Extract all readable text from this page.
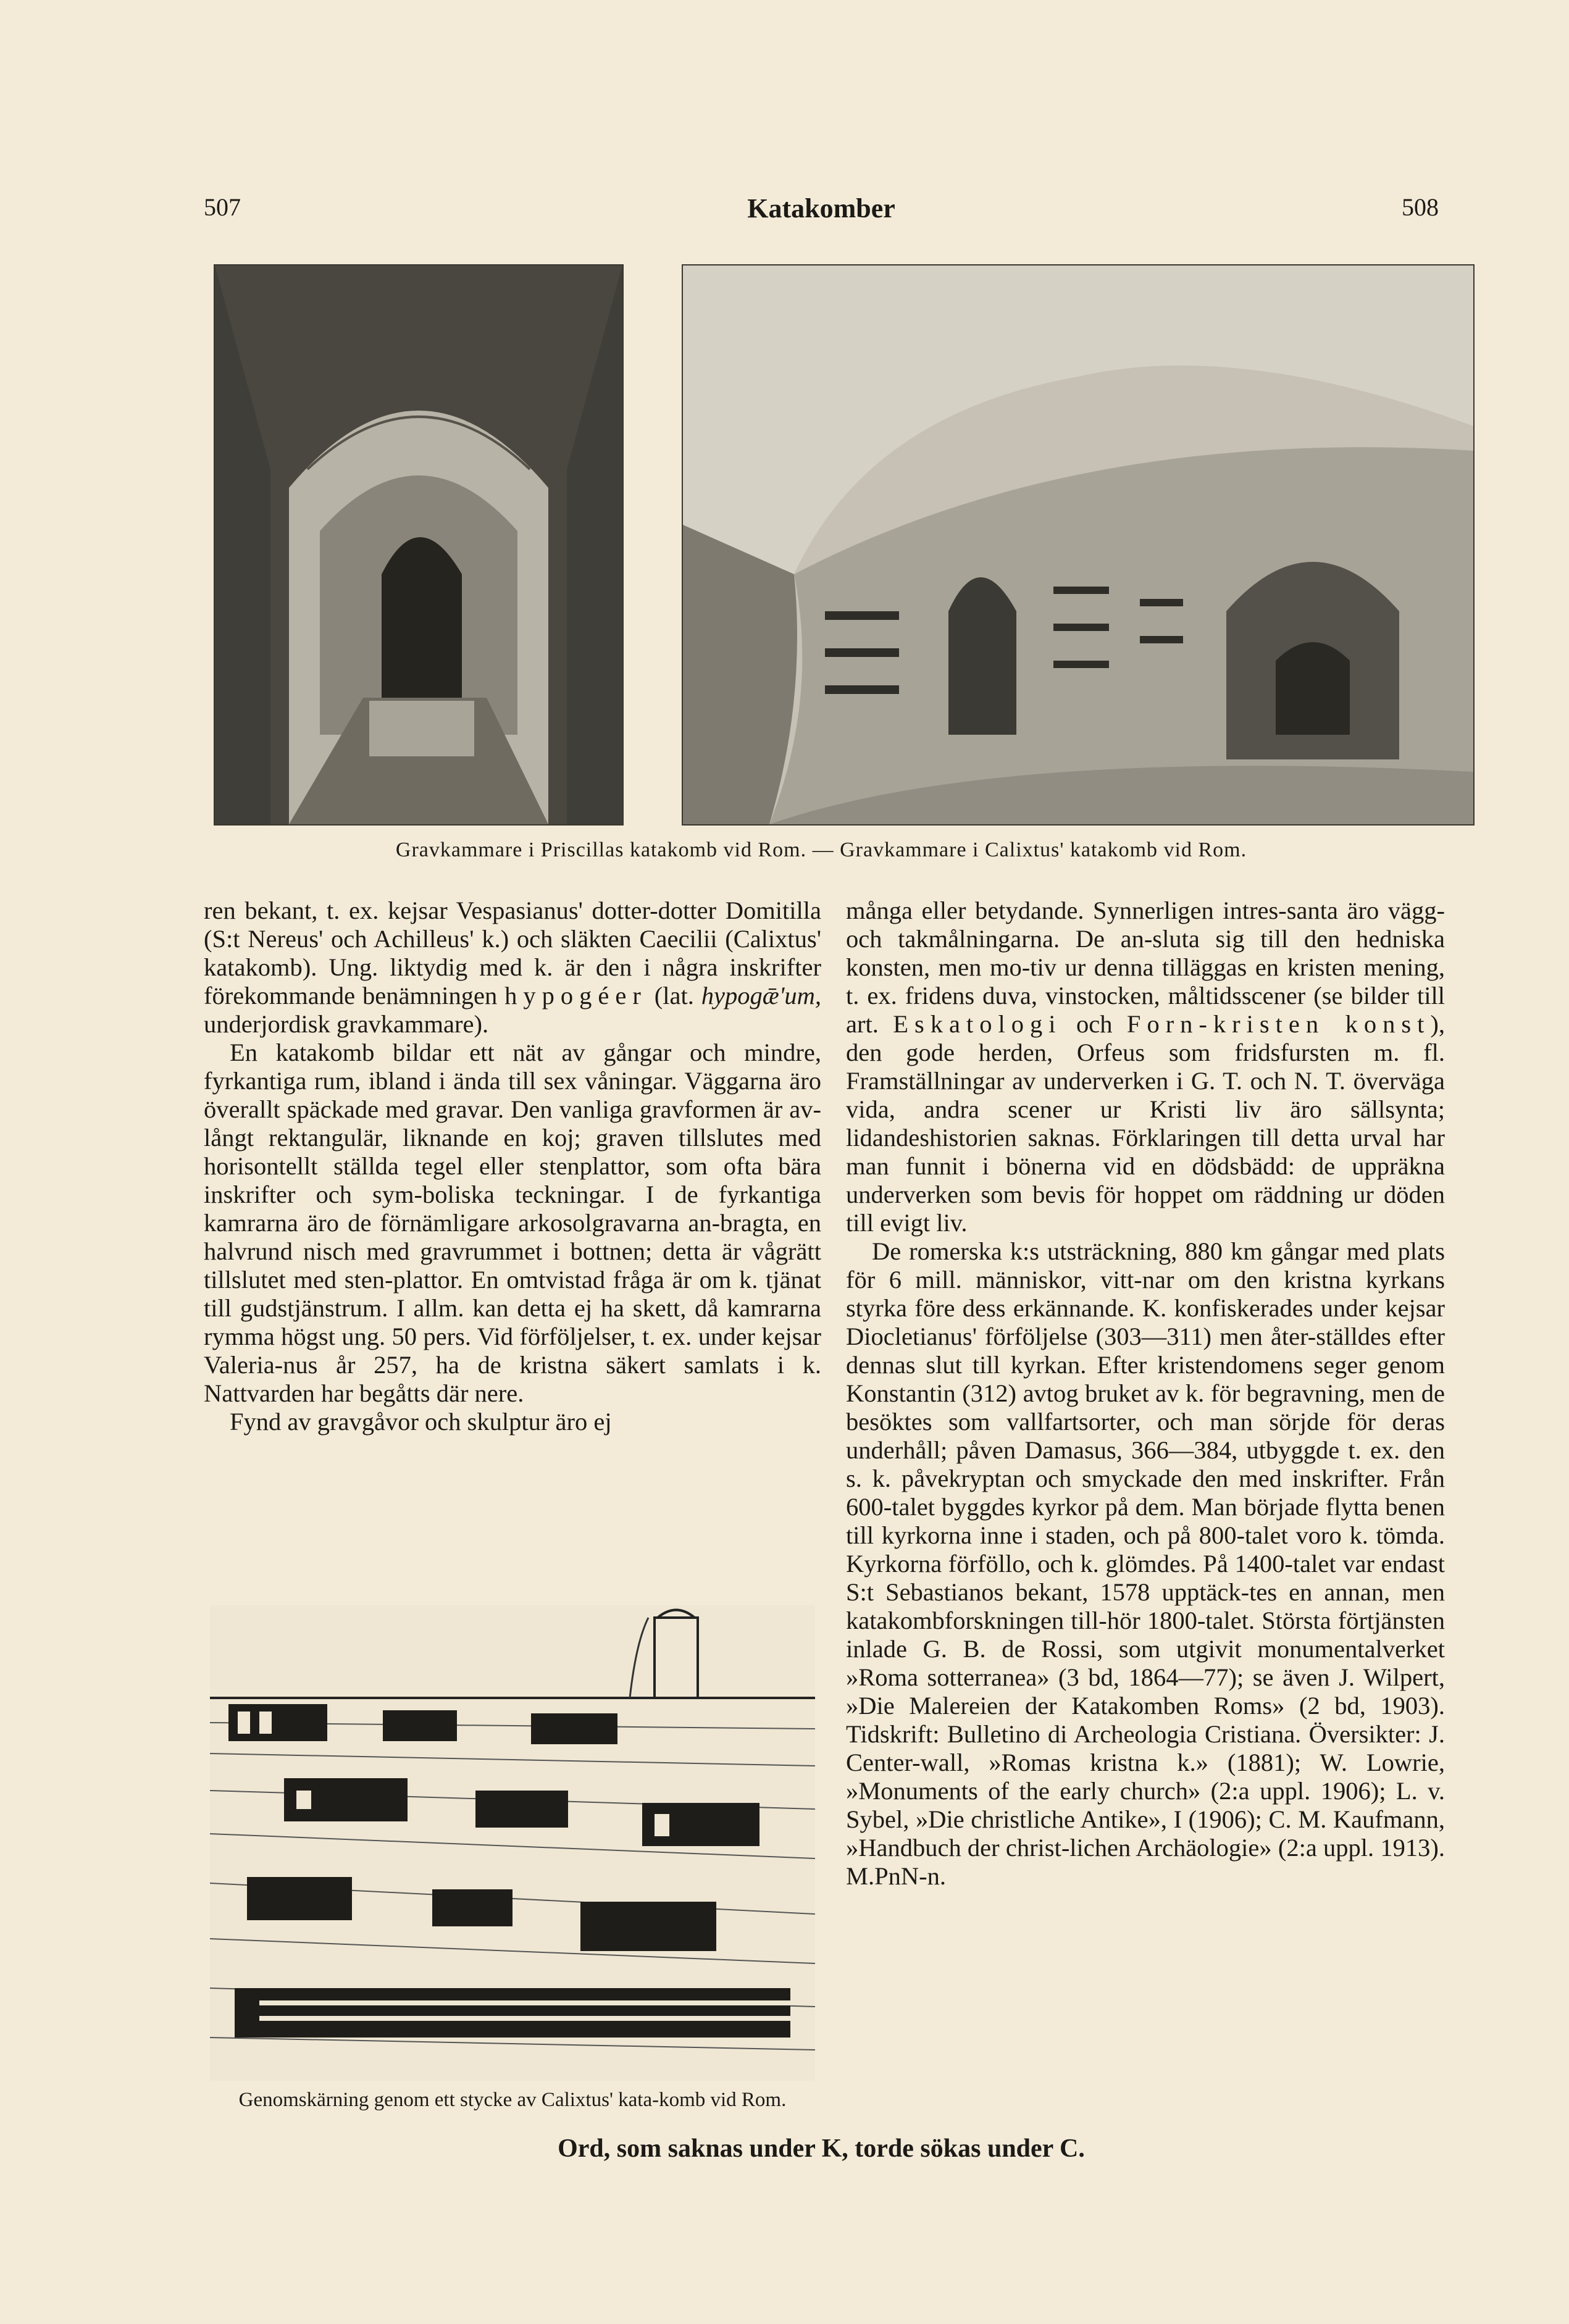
507	Katakomber	508
Gravkammare i Priscillas katakomb vid Rom. — Gravkammare i Calixtus' katakomb vid Rom.

ren bekant, t. ex. kejsar Vespasianus' dotter-dotter Domitilla (S:t Nereus' och Achilleus' k.) och släkten Caecilii (Calixtus' katakomb). Ung. liktydig med k. är den i några inskrifter förekommande benämningen hypogéer (lat. hypogǣ'um, underjordisk gravkammare).

En katakomb bildar ett nät av gångar och mindre, fyrkantiga rum, ibland i ända till sex våningar. Väggarna äro överallt späckade med gravar. Den vanliga gravformen är av-långt rektangulär, liknande en koj; graven tillslutes med horisontellt ställda tegel eller stenplattor, som ofta bära inskrifter och sym-boliska teckningar. I de fyrkantiga kamrarna äro de förnämligare arkosolgravarna an-bragta, en halvrund nisch med gravrummet i bottnen; detta är vågrätt tillslutet med sten-plattor. En omtvistad fråga är om k. tjänat till gudstjänstrum. I allm. kan detta ej ha skett, då kamrarna rymma högst ung. 50 pers. Vid förföljelser, t. ex. under kejsar Valeria-nus år 257, ha de kristna säkert samlats i k. Nattvarden har begåtts där nere.

Fynd av gravgåvor och skulptur äro ej

Genomskärning genom ett stycke av Calixtus' kata-komb vid Rom.

många eller betydande. Synnerligen intres-santa äro vägg- och takmålningarna. De an-sluta sig till den hedniska konsten, men mo-tiv ur denna tilläggas en kristen mening, t. ex. fridens duva, vinstocken, måltidsscener (se bilder till art. Eskatologi och Forn-kristen konst), den gode herden, Orfeus som fridsfursten m. fl. Framställningar av underverken i G. T. och N. T. överväga vida, andra scener ur Kristi liv äro sällsynta; lidandeshistorien saknas. Förklaringen till detta urval har man funnit i bönerna vid en dödsbädd: de uppräkna underverken som bevis för hoppet om räddning ur döden till evigt liv.

De romerska k:s utsträckning, 880 km gångar med plats för 6 mill. människor, vitt-nar om den kristna kyrkans styrka före dess erkännande. K. konfiskerades under kejsar Diocletianus' förföljelse (303—311) men åter-ställdes efter dennas slut till kyrkan. Efter kristendomens seger genom Konstantin (312) avtog bruket av k. för begravning, men de besöktes som vallfartsorter, och man sörjde för deras underhåll; påven Damasus, 366—384, utbyggde t. ex. den s. k. påvekryptan och smyckade den med inskrifter. Från 600-talet byggdes kyrkor på dem. Man började flytta benen till kyrkorna inne i staden, och på 800-talet voro k. tömda. Kyrkorna förföllo, och k. glömdes. På 1400-talet var endast S:t Sebastianos bekant, 1578 upptäck-tes en annan, men katakombforskningen till-hör 1800-talet. Största förtjänsten inlade G. B. de Rossi, som utgivit monumentalverket »Roma sotterranea» (3 bd, 1864—77); se även J. Wilpert, »Die Malereien der Katakomben Roms» (2 bd, 1903). Tidskrift: Bulletino di Archeologia Cristiana. Översikter: J. Center-wall, »Romas kristna k.» (1881); W. Lowrie, »Monuments of the early church» (2:a uppl. 1906); L. v. Sybel, »Die christliche Antike», I (1906); C. M. Kaufmann, »Handbuch der christ-lichen Archäologie» (2:a uppl. 1913). M.PnN-n.

Ord, som saknas under K, torde sökas under C.
